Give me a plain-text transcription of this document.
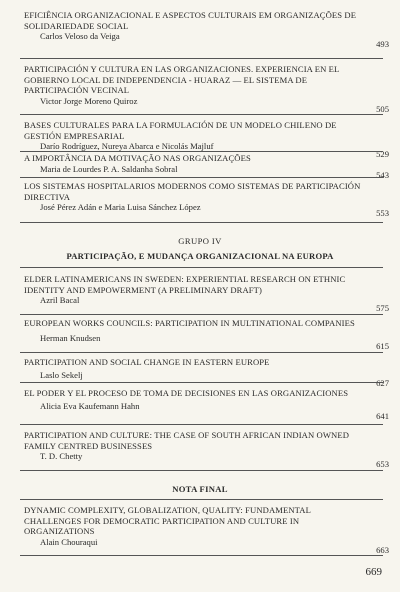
EFICIÊNCIA ORGANIZACIONAL E ASPECTOS CULTURAIS EM ORGANIZAÇÕES DE SOLIDARIEDADE SOCIAL
Carlos Veloso da Veiga
493
PARTICIPACIÓN Y CULTURA EN LAS ORGANIZACIONES. EXPERIENCIA EN EL GOBIERNO LOCAL DE INDEPENDENCIA - HUARAZ — EL SISTEMA DE PARTICIPACIÓN VECINAL
Victor Jorge Moreno Quiroz
505
BASES CULTURALES PARA LA FORMULACIÓN DE UN MODELO CHILENO DE GESTIÓN EMPRESARIAL
Darío Rodríguez, Nureya Abarca e Nicolás Majluf
529
A IMPORTÂNCIA DA MOTIVAÇÃO NAS ORGANIZAÇÕES
Maria de Lourdes P. A. Saldanha Sobral
543
LOS SISTEMAS HOSPITALARIOS MODERNOS COMO SISTEMAS DE PARTICIPACIÓN DIRECTIVA
José Pérez Adán e Maria Luisa Sánchez López
553
GRUPO IV
PARTICIPAÇÃO, E MUDANÇA ORGANIZACIONAL NA EUROPA
ELDER LATINAMERICANS IN SWEDEN: EXPERIENTIAL RESEARCH ON ETHNIC IDENTITY AND EMPOWERMENT (A PRELIMINARY DRAFT)
Azril Bacal
575
EUROPEAN WORKS COUNCILS: PARTICIPATION IN MULTINATIONAL COMPANIES
Herman Knudsen
615
PARTICIPATION AND SOCIAL CHANGE IN EASTERN EUROPE
Laslo Sekelj
627
EL PODER Y EL PROCESO DE TOMA DE DECISIONES EN LAS ORGANIZACIONES
Alicia Eva Kaufemann Hahn
641
PARTICIPATION AND CULTURE: THE CASE OF SOUTH AFRICAN INDIAN OWNED FAMILY CENTRED BUSINESSES
T. D. Chetty
653
NOTA FINAL
DYNAMIC COMPLEXITY, GLOBALIZATION, QUALITY: FUNDAMENTAL CHALLENGES FOR DEMOCRATIC PARTICIPATION AND CULTURE IN ORGANIZATIONS
Alain Chouraqui
663
669
